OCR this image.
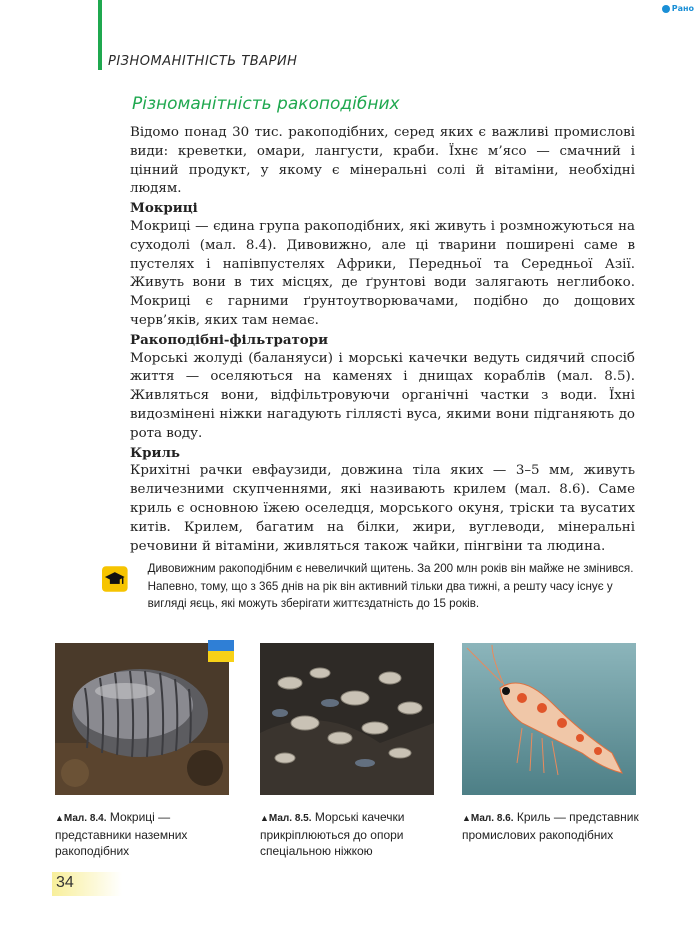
РІЗНОМАНІТНІСТЬ ТВАРИН
Рано
Різноманітність ракоподібних

Відомо понад 30 тис. ракоподібних, серед яких є важливі промислові види: креветки, омари, лангусти, краби. Їхнє м’ясо — смачний і цінний продукт, у якому є мінеральні солі й вітаміни, необхідні людям.

Мокриці

Мокриці — єдина група ракоподібних, які живуть і розмножуються на суходолі (мал. 8.4). Дивовижно, але ці тварини поширені саме в пустелях і напівпустелях Африки, Передньої та Середньої Азії. Живуть вони в тих місцях, де ґрунтові води залягають неглибоко. Мокриці є гарними ґрунтоутворювачами, подібно до дощових черв’яків, яких там немає.

Ракоподібні-фільтратори

Морські жолуді (баланяуси) і морські качечки ведуть сидячий спосіб життя — оселяються на каменях і днищах кораблів (мал. 8.5). Живляться вони, відфільтровуючи органічні частки з води. Їхні видозмінені ніжки нагадують гіллясті вуса, якими вони підганяють до рота воду.

Криль

Крихітні рачки евфаузиди, довжина тіла яких — 3–5 мм, живуть величезними скупченнями, які називають крилем (мал. 8.6). Саме криль є основною їжею оселедця, морського окуня, тріски та вусатих китів. Крилем, багатим на білки, жири, вуглеводи, мінеральні речовини й вітаміни, живляться також чайки, пінгвіни та людина.

Дивовижним ракоподібним є невеличкий щитень. За 200 млн років він майже не змінився. Напевно, тому, що з 365 днів на рік він активний тільки два тижні, а решту часу існує у вигляді яєць, які можуть зберігати життєздатність до 15 років.
▲Мал. 8.4. Мокриці — представники наземних ракоподібних
▲Мал. 8.5. Морські качечки прикріплюються до опори спеціальною ніжкою
▲Мал. 8.6. Криль — представник промислових ракоподібних
34
